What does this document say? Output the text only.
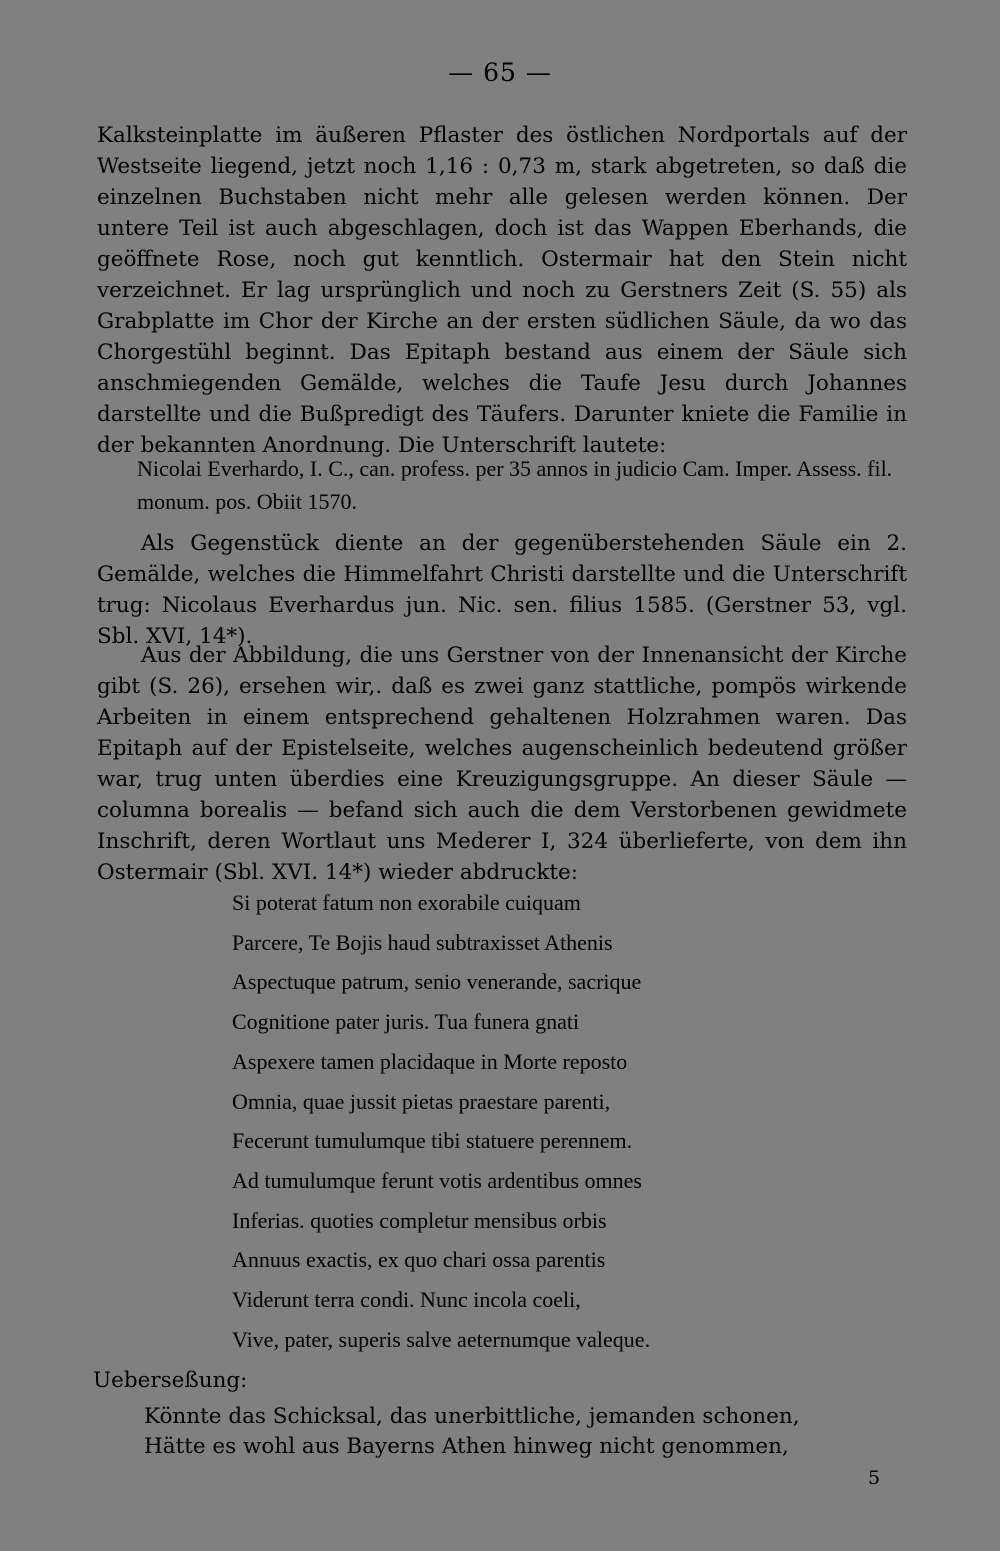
— 65 —

Kalksteinplatte im äußeren Pflaster des östlichen Nordportals auf der Westseite liegend, jetzt noch 1,16 : 0,73 m, stark abgetreten, so daß die einzelnen Buchstaben nicht mehr alle gelesen werden können. Der untere Teil ist auch abgeschlagen, doch ist das Wappen Eberhands, die geöffnete Rose, noch gut kenntlich. Ostermair hat den Stein nicht verzeichnet. Er lag ursprünglich und noch zu Gerstners Zeit (S. 55) als Grabplatte im Chor der Kirche an der ersten südlichen Säule, da wo das Chorgestühl beginnt. Das Epitaph bestand aus einem der Säule sich anschmiegenden Gemälde, welches die Taufe Jesu durch Johannes darstellte und die Bußpredigt des Täufers. Darunter kniete die Familie in der bekannten Anordnung. Die Unterschrift lautete:

Nicolai Everhardo, I. C., can. profess. per 35 annos in judicio Cam. Imper. Assess. fil. monum. pos. Obiit 1570.

Als Gegenstück diente an der gegenüberstehenden Säule ein 2. Gemälde, welches die Himmelfahrt Christi darstellte und die Unterschrift trug: Nicolaus Everhardus jun. Nic. sen. filius 1585. (Gerstner 53, vgl. Sbl. XVI, 14*).

Aus der Abbildung, die uns Gerstner von der Innenansicht der Kirche gibt (S. 26), ersehen wir,. daß es zwei ganz stattliche, pompös wirkende Arbeiten in einem entsprechend gehaltenen Holzrahmen waren. Das Epitaph auf der Epistelseite, welches augenscheinlich bedeutend größer war, trug unten überdies eine Kreuzigungsgruppe. An dieser Säule — columna borealis — befand sich auch die dem Verstorbenen gewidmete Inschrift, deren Wortlaut uns Mederer I, 324 überlieferte, von dem ihn Ostermair (Sbl. XVI. 14*) wieder abdruckte:

Si poterat fatum non exorabile cuiquam
Parcere, Te Bojis haud subtraxisset Athenis
Aspectuque patrum, senio venerande, sacrique
Cognitione pater juris. Tua funera gnati
Aspexere tamen placidaque in Morte reposto
Omnia, quae jussit pietas praestare parenti,
Fecerunt tumulumque tibi statuere perennem.
Ad tumulumque ferunt votis ardentibus omnes
Inferias. quoties completur mensibus orbis
Annuus exactis, ex quo chari ossa parentis
Viderunt terra condi. Nunc incola coeli,
Vive, pater, superis salve aeternumque valeque.
Ueberseßung:
Könnte das Schicksal, das unerbittliche, jemanden schonen,
Hätte es wohl aus Bayerns Athen hinweg nicht genommen,
5
